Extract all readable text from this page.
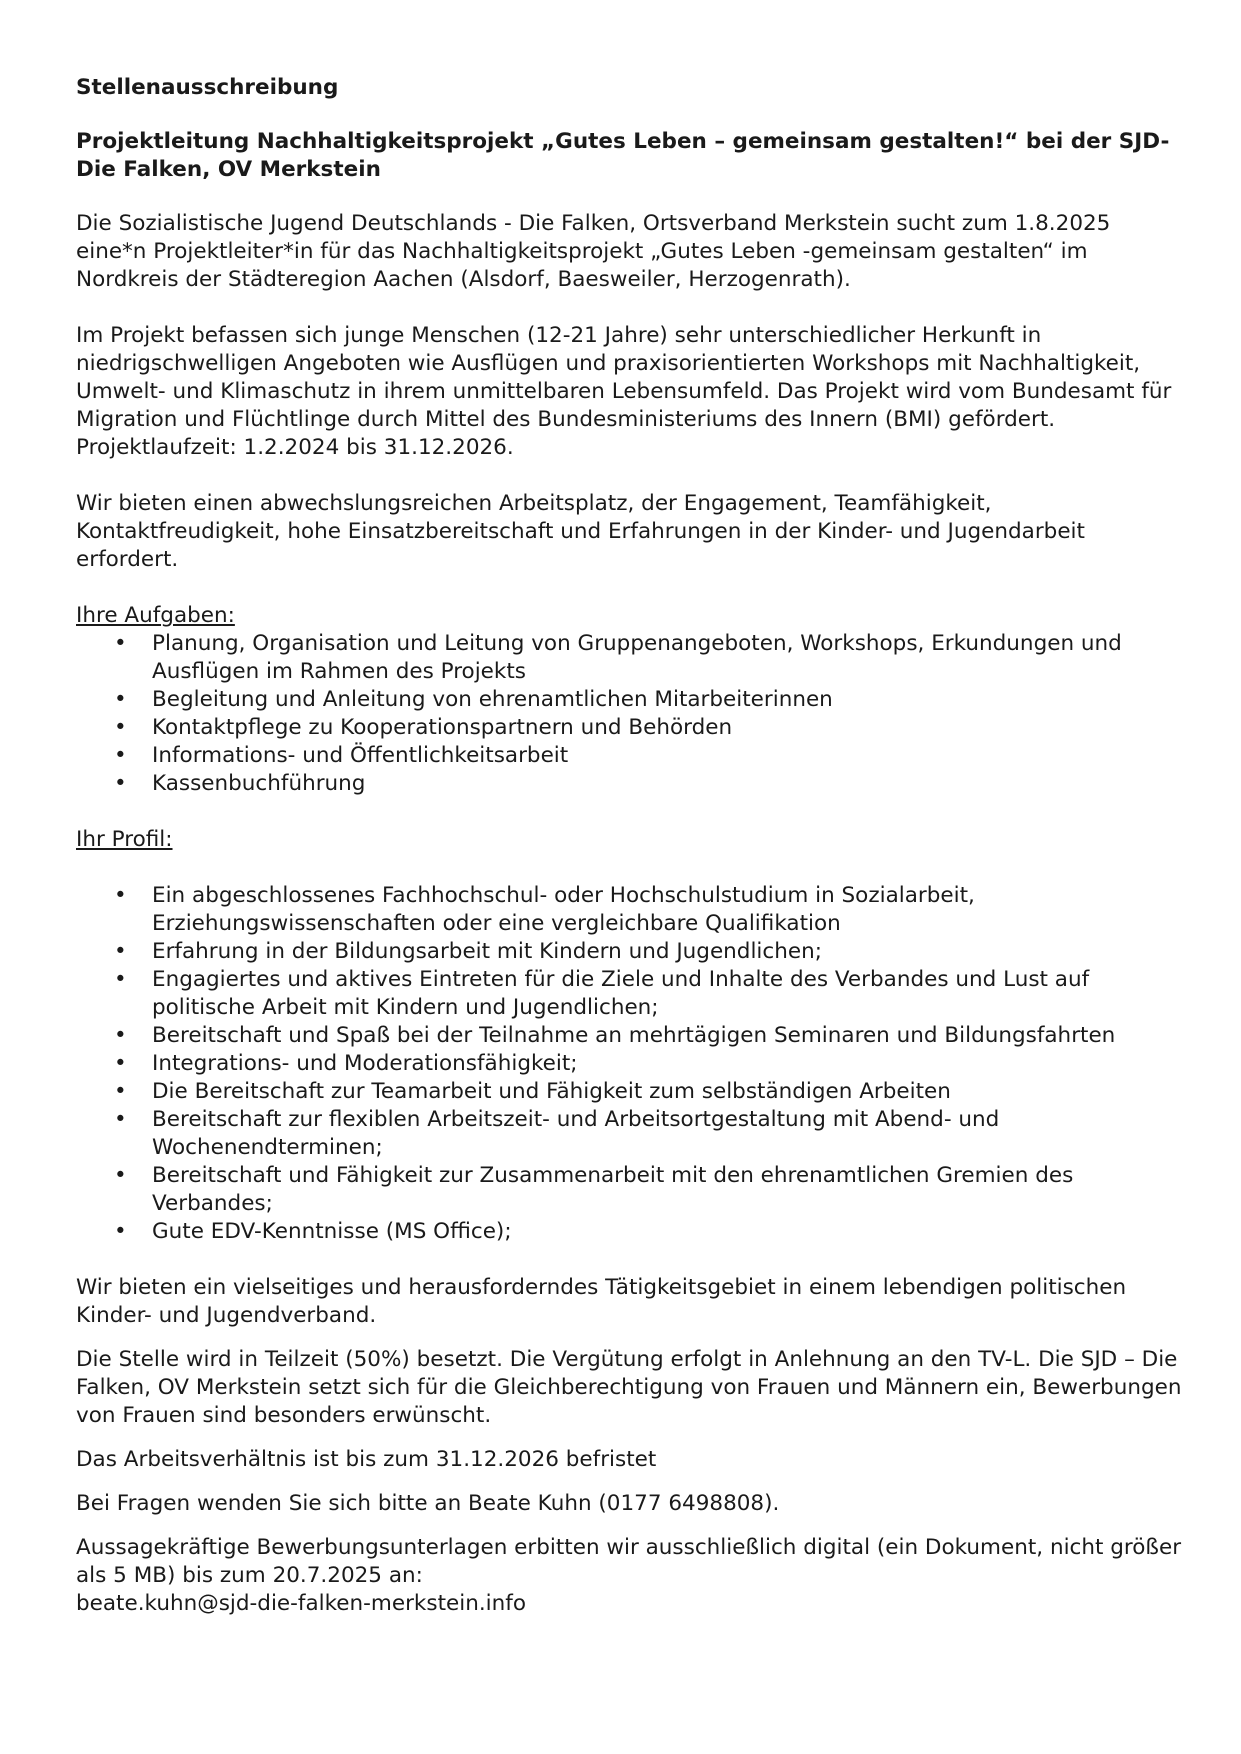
Stellenausschreibung
Projektleitung Nachhaltigkeitsprojekt „Gutes Leben – gemeinsam gestalten!“ bei der SJD-Die Falken, OV Merkstein

Die Sozialistische Jugend Deutschlands - Die Falken, Ortsverband Merkstein sucht zum 1.8.2025 eine*n Projektleiter*in für das Nachhaltigkeitsprojekt „Gutes Leben -gemeinsam gestalten“ im Nordkreis der Städteregion Aachen (Alsdorf, Baesweiler, Herzogenrath).

Im Projekt befassen sich junge Menschen (12-21 Jahre) sehr unterschiedlicher Herkunft in niedrigschwelligen Angeboten wie Ausflügen und praxisorientierten Workshops mit Nachhaltigkeit, Umwelt- und Klimaschutz in ihrem unmittelbaren Lebensumfeld. Das Projekt wird vom Bundesamt für Migration und Flüchtlinge durch Mittel des Bundesministeriums des Innern (BMI) gefördert. Projektlaufzeit: 1.2.2024 bis 31.12.2026.

Wir bieten einen abwechslungsreichen Arbeitsplatz, der Engagement, Teamfähigkeit, Kontaktfreudigkeit, hohe Einsatzbereitschaft und Erfahrungen in der Kinder- und Jugendarbeit erfordert.

Ihre Aufgaben:
• Planung, Organisation und Leitung von Gruppenangeboten, Workshops, Erkundungen und Ausflügen im Rahmen des Projekts
• Begleitung und Anleitung von ehrenamtlichen Mitarbeiterinnen
• Kontaktpflege zu Kooperationspartnern und Behörden
• Informations- und Öffentlichkeitsarbeit
• Kassenbuchführung
Ihr Profil:
• Ein abgeschlossenes Fachhochschul- oder Hochschulstudium in Sozialarbeit, Erziehungswissenschaften oder eine vergleichbare Qualifikation
• Erfahrung in der Bildungsarbeit mit Kindern und Jugendlichen;
• Engagiertes und aktives Eintreten für die Ziele und Inhalte des Verbandes und Lust auf politische Arbeit mit Kindern und Jugendlichen;
• Bereitschaft und Spaß bei der Teilnahme an mehrtägigen Seminaren und Bildungsfahrten
• Integrations- und Moderationsfähigkeit;
• Die Bereitschaft zur Teamarbeit und Fähigkeit zum selbständigen Arbeiten
• Bereitschaft zur flexiblen Arbeitszeit- und Arbeitsortgestaltung mit Abend- und Wochenendterminen;
• Bereitschaft und Fähigkeit zur Zusammenarbeit mit den ehrenamtlichen Gremien des Verbandes;
• Gute EDV-Kenntnisse (MS Office);

Wir bieten ein vielseitiges und herausforderndes Tätigkeitsgebiet in einem lebendigen politischen Kinder- und Jugendverband.

Die Stelle wird in Teilzeit (50%) besetzt. Die Vergütung erfolgt in Anlehnung an den TV-L. Die SJD – Die Falken, OV Merkstein setzt sich für die Gleichberechtigung von Frauen und Männern ein, Bewerbungen von Frauen sind besonders erwünscht.

Das Arbeitsverhältnis ist bis zum 31.12.2026 befristet

Bei Fragen wenden Sie sich bitte an Beate Kuhn (0177 6498808).

Aussagekräftige Bewerbungsunterlagen erbitten wir ausschließlich digital (ein Dokument, nicht größer als 5 MB) bis zum 20.7.2025 an:
beate.kuhn@sjd-die-falken-merkstein.info
